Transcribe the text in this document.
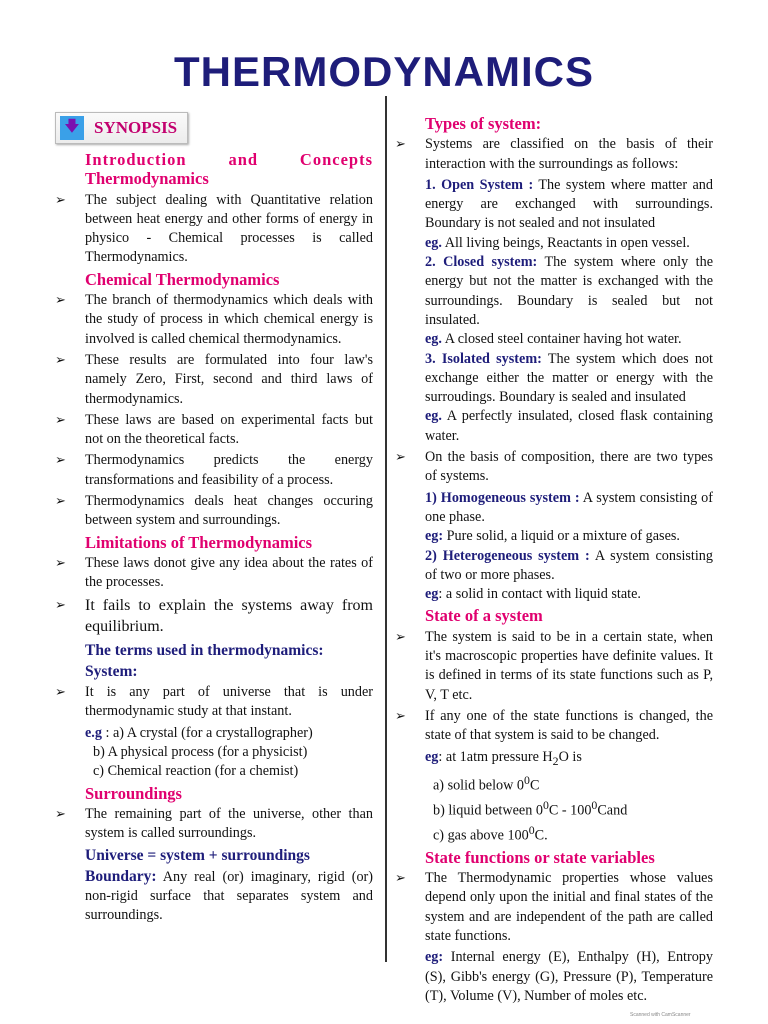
THERMODYNAMICS
🡇 SYNOPSIS
Introduction	and	Concepts
Thermodynamics
➢	The subject dealing with Quantitative relation between heat energy and other forms of energy in physico - Chemical processes is called Thermodynamics.
Chemical Thermodynamics
➢	The branch of thermodynamics which deals with the study of process in which chemical energy is involved is called chemical thermodynamics.
➢	These results are formulated into four law's namely Zero, First, second and third laws of thermodynamics.
➢	These laws are based on experimental facts but not on the theoretical facts.
➢	Thermodynamics predicts the energy transformations and feasibility of a process.
➢	Thermodynamics deals heat changes occuring between system and surroundings.
Limitations of Thermodynamics
➢	These laws donot give any idea about the rates of the processes.
➢	It fails to explain the systems away from equilibrium.
The terms used in thermodynamics:
System:
➢	It is any part of universe that is under thermodynamic study at that instant.
e.g : a) A crystal (for a crystallographer)
b) A physical process (for a physicist)
c) Chemical reaction (for a chemist)
Surroundings
➢	The remaining part of the universe, other than system is called surroundings.
Universe = system + surroundings
Boundary: Any real (or) imaginary, rigid (or) non-rigid surface that separates system and surroundings.
Types of system:
➢	Systems are classified on the basis of their interaction with the surroundings as follows:
1. Open System : The system where matter and energy are exchanged with surroundings. Boundary is not sealed and not insulated
eg. All living beings, Reactants in open vessel.
2. Closed system: The system where only the energy but not the matter is exchanged with the surroundings. Boundary is sealed but not insulated.
eg. A closed steel container having hot water.
3. Isolated system: The system which does not exchange either the matter or energy with the surroudings. Boundary is sealed and insulated
eg. A perfectly insulated, closed flask containing water.
➢	On the basis of composition, there are two types of systems.
1) Homogeneous system : A system consisting of one phase.
eg: Pure solid, a liquid or a mixture of gases.
2) Heterogeneous system : A system consisting of two or more phases.
eg: a solid in contact with liquid state.
State of a system
➢	The system is said to be in a certain state, when it's macroscopic properties have definite values. It is defined in terms of its state functions such as P, V, T etc.
➢	If any one of the state functions is changed, the state of that system is said to be changed.
eg: at 1atm pressure $H_2O$ is
a) solid below $0^0C$
b) liquid between $0^0C$ - $100^0Cand$
c) gas above $100^0C$.
State functions or state variables
➢	The Thermodynamic properties whose values depend only upon the initial and final states of the system and are independent of the path are called state functions.
eg: Internal energy (E), Enthalpy (H), Entropy (S), Gibb's energy (G), Pressure (P), Temperature (T), Volume (V), Number of moles etc.
Scanned with CamScanner
